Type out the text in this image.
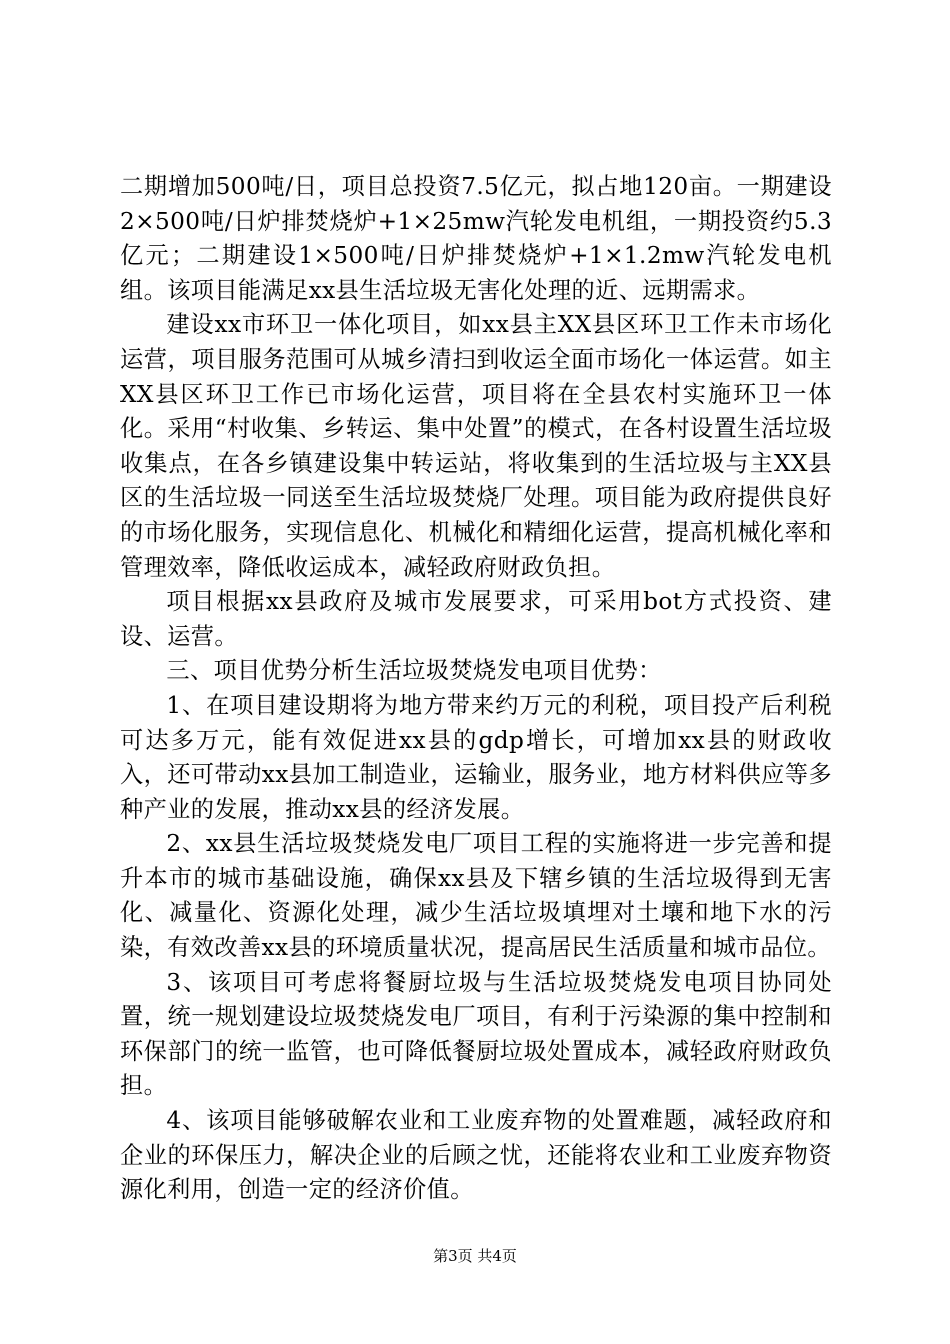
二期增加500吨/日，项目总投资7.5亿元，拟占地120亩。一期建设2×500吨/日炉排焚烧炉+1×25mw汽轮发电机组，一期投资约5.3亿元；二期建设1×500吨/日炉排焚烧炉+1×1.2mw汽轮发电机组。该项目能满足xx县生活垃圾无害化处理的近、远期需求。

建设xx市环卫一体化项目，如xx县主XX县区环卫工作未市场化运营，项目服务范围可从城乡清扫到收运全面市场化一体运营。如主XX县区环卫工作已市场化运营，项目将在全县农村实施环卫一体化。采用“村收集、乡转运、集中处置”的模式，在各村设置生活垃圾收集点，在各乡镇建设集中转运站，将收集到的生活垃圾与主XX县区的生活垃圾一同送至生活垃圾焚烧厂处理。项目能为政府提供良好的市场化服务，实现信息化、机械化和精细化运营，提高机械化率和管理效率，降低收运成本，减轻政府财政负担。

项目根据xx县政府及城市发展要求，可采用bot方式投资、建设、运营。

三、项目优势分析生活垃圾焚烧发电项目优势：

1、在项目建设期将为地方带来约万元的利税，项目投产后利税可达多万元，能有效促进xx县的gdp增长，可增加xx县的财政收入，还可带动xx县加工制造业，运输业，服务业，地方材料供应等多种产业的发展，推动xx县的经济发展。

2、xx县生活垃圾焚烧发电厂项目工程的实施将进一步完善和提升本市的城市基础设施，确保xx县及下辖乡镇的生活垃圾得到无害化、减量化、资源化处理，减少生活垃圾填埋对土壤和地下水的污染，有效改善xx县的环境质量状况，提高居民生活质量和城市品位。

3、该项目可考虑将餐厨垃圾与生活垃圾焚烧发电项目协同处置，统一规划建设垃圾焚烧发电厂项目，有利于污染源的集中控制和环保部门的统一监管，也可降低餐厨垃圾处置成本，减轻政府财政负担。

4、该项目能够破解农业和工业废弃物的处置难题，减轻政府和企业的环保压力，解决企业的后顾之忧，还能将农业和工业废弃物资源化利用，创造一定的经济价值。

第3页 共4页
